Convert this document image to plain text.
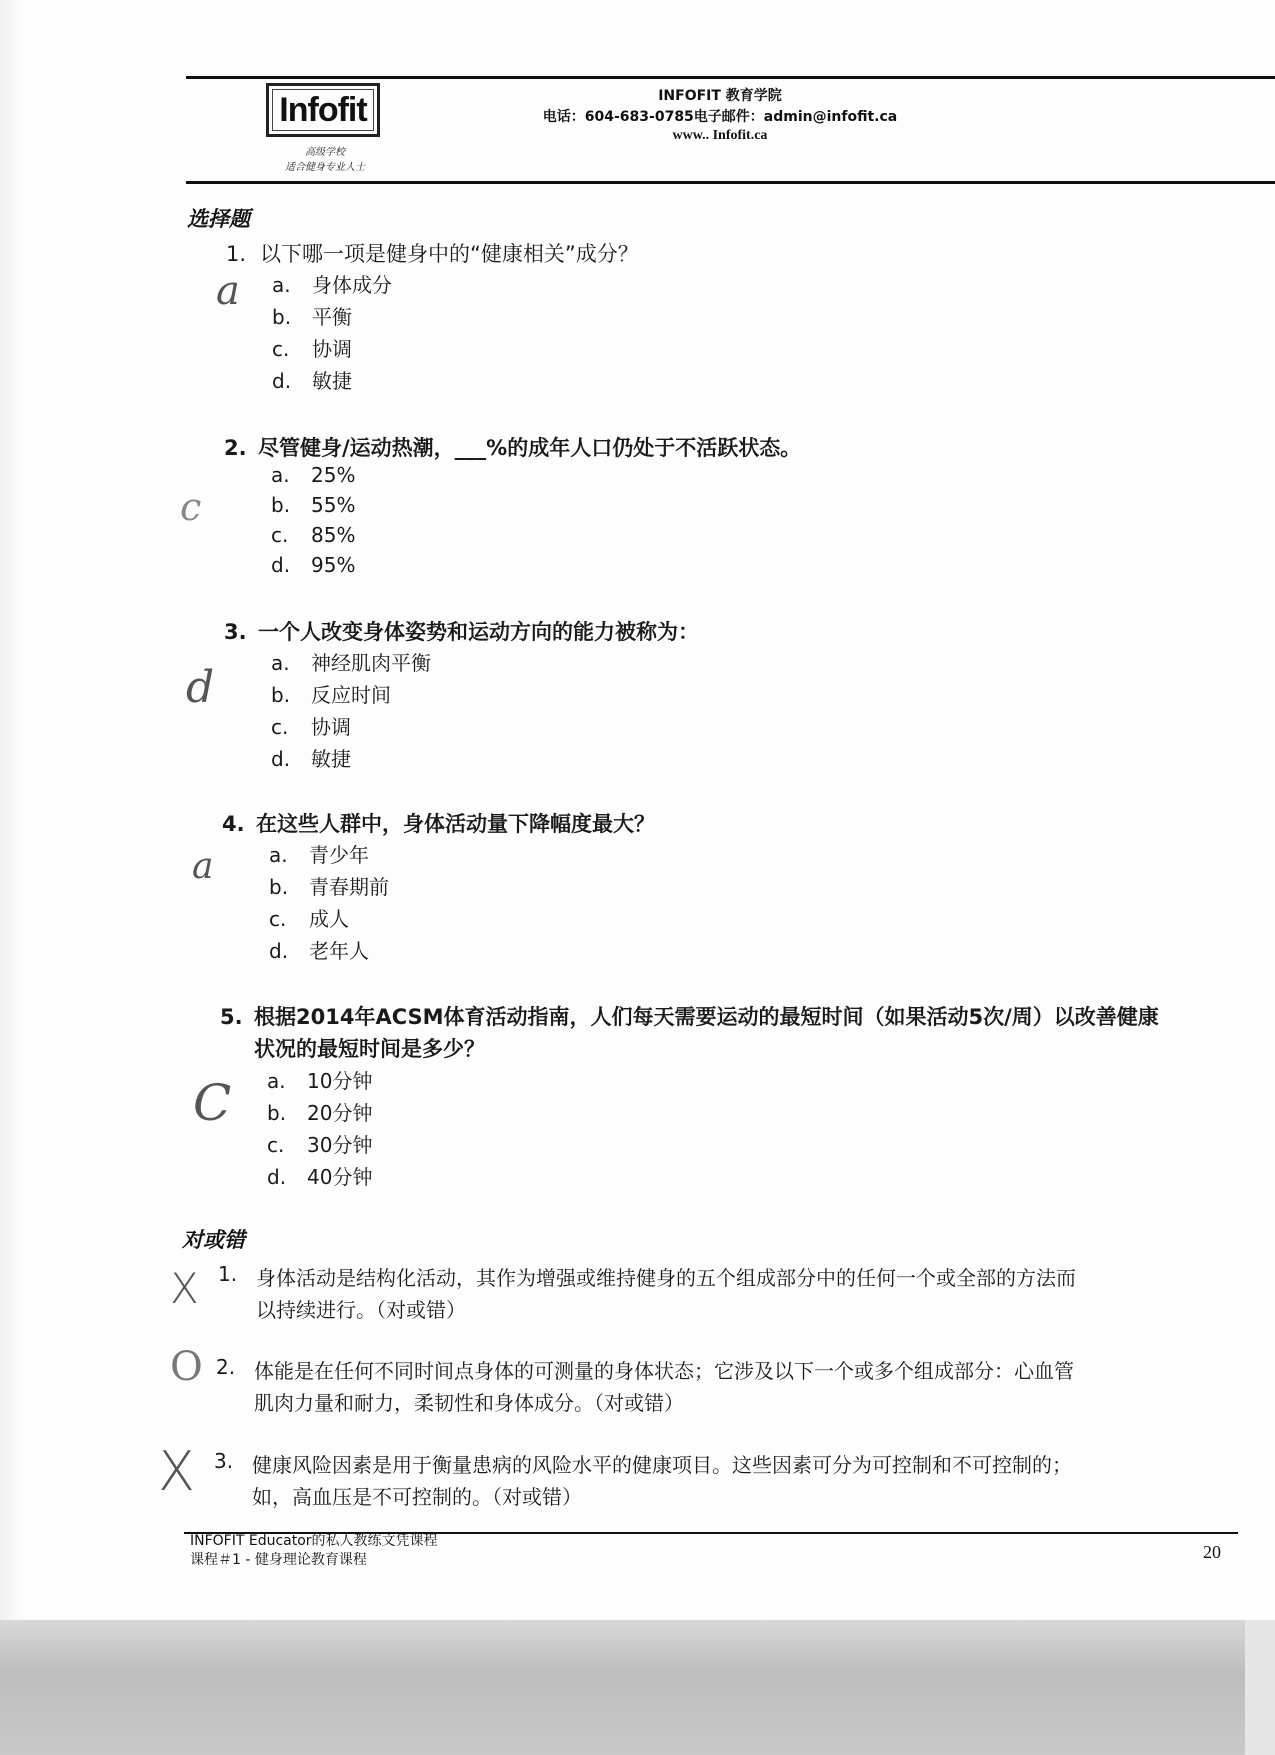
Infofit
高级学校
适合健身专业人士
INFOFIT 教育学院
电话：604-683-0785电子邮件：admin@infofit.ca
www.. Infofit.ca
选择题
1. 以下哪一项是健身中的“健康相关”成分？
a. 身体成分
b. 平衡
c. 协调
d. 敏捷
a
2. 尽管健身/运动热潮，___%的成年人口仍处于不活跃状态。
a. 25%
b. 55%
c. 85%
d. 95%
c
3. 一个人改变身体姿势和运动方向的能力被称为：
a. 神经肌肉平衡
b. 反应时间
c. 协调
d. 敏捷
d
4. 在这些人群中，身体活动量下降幅度最大？
a. 青少年
b. 青春期前
c. 成人
d. 老年人
a
5. 根据2014年ACSM体育活动指南，人们每天需要运动的最短时间（如果活动5次/周）以改善健康
状况的最短时间是多少？
a. 10分钟
b. 20分钟
c. 30分钟
d. 40分钟
C
对或错
1. 身体活动是结构化活动，其作为增强或维持健身的五个组成部分中的任何一个或全部的方法而
以持续进行。（对或错）
X
2. 体能是在任何不同时间点身体的可测量的身体状态；它涉及以下一个或多个组成部分：心血管
肌肉力量和耐力，柔韧性和身体成分。（对或错）
O
3. 健康风险因素是用于衡量患病的风险水平的健康项目。这些因素可分为可控制和不可控制的；
如，高血压是不可控制的。（对或错）
X
INFOFIT Educator的私人教练文凭课程
课程＃1 - 健身理论教育课程	20
